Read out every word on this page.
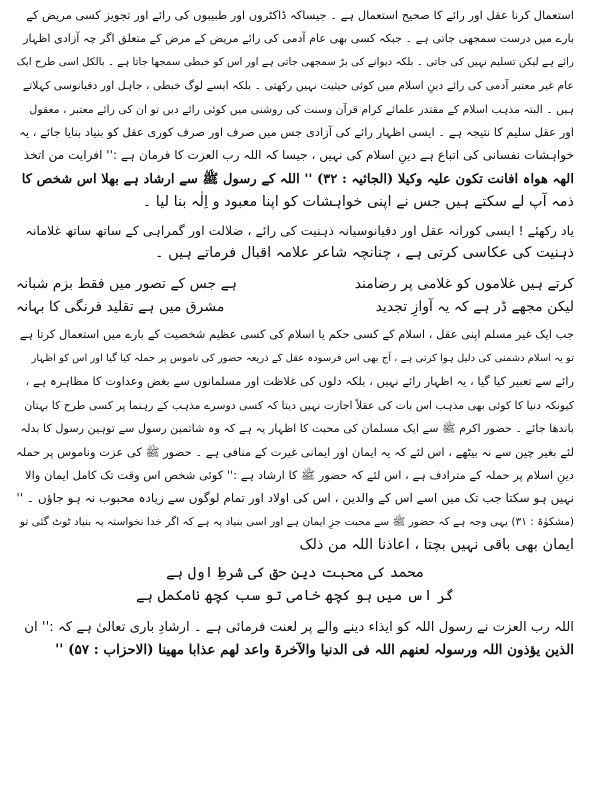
استعمال کرنا عقل اور رائے کا صحیح استعمال ہے ۔ جیساکہ ڈاکٹروں اور طبیبوں کی رائے اور تجویز کسی مریض کے
بارے میں درست سمجھی جاتی ہے ۔ جبکہ کسی بھی عام آدمی کی رائے مریض کے مرض کے متعلق اگر چہ آزادی اظہار
رائے ہے لیکن تسلیم نہیں کی جاتی ۔ بلکہ دیوانے کی بڑ سمجھی جاتی ہے اور اس کو خبطی سمجھا جاتا ہے ۔ بالکل اسی طرح ایک
عام غیر معتبر آدمی کی رائے دینِ اسلام میں کوئی حیثیت نہیں رکھتی ۔ بلکہ ایسے لوگ خبطی ، جاہل اور دقیانوسی کہلاتے
ہیں ۔ البتہ مذہب اسلام کے مقتدر علمائے کرام قرآن وسنت کی روشنی میں کوئی رائے دیں تو ان کی رائے معتبر ، معقول
اور عقل سلیم کا نتیجہ ہے ۔ ایسی اظہار رائے کی آزادی جس میں صرف اور صرف کوری عقل کو بنیاد بنایا جائے ، یہ
خواہشات نفسانی کی اتباع ہے دینِ اسلام کی نہیں ، جیسا کہ اللہ رب العزت کا فرمان ہے :'' افرایت من اتخذ
الھہ ھواہ افانت تکون علیہ وکیلا (الجاثیہ : ٣٢) '' اللہ کے رسول ﷺ سے ارشاد ہے بھلا اس شخص کا
ذمہ آپ لے سکتے ہیں جس نے اپنی خواہشات کو اپنا معبود و اِلٰہ بنا لیا ۔
یاد رکھئے ! ایسی کورانہ عقل اور دقیانوسیانہ ذہنیت کی رائے ، ضلالت اور گمراہی کے ساتھ ساتھ غلامانہ
ذہنیت کی عکاسی کرتی ہے ، چنانچہ شاعر علامہ اقبال فرماتے ہیں ۔
کرتے ہیں غلاموں کو غلامی پر رضامند
ہے جس کے تصور میں فقط بزم شبانہ
لیکن مجھے ڈر ہے کہ یہ آوازِ تجدید
مشرق میں ہے تقلید فرنگی کا بہانہ
جب ایک غیر مسلم اپنی عقل ، اسلام کے کسی حکم یا اسلام کی کسی عظیم شخصیت کے بارے میں استعمال کرتا ہے
تو یہ اسلام دشمنی کی دلیل ہوا کرتی ہے ، آج بھی اس فرسودہ عقل کے ذریعہ حضور کی ناموس پر حملہ کیا گیا اور اس کو اظہار
رائے سے تعبیر کیا گیا ، یہ اظہار رائے نہیں ، بلکہ دلوں کی غلاظت اور مسلمانوں سے بغض وعداوت کا مظاہرہ ہے ،
کیونکہ دنیا کا کوئی بھی مذہب اس بات کی عقلاً اجازت نہیں دیتا کہ کسی دوسرے مذہب کے رہنما پر کسی طرح کا بہتان
باندھا جائے ۔ حضور اکرم ﷺ سے ایک مسلمان کی محبت کا اظہار یہ ہے کہ وہ شاتمین رسول سے توہین رسول کا بدلہ
لئے بغیر چین سے نہ بیٹھے ، اس لئے کہ یہ ایمان اور ایمانی غیرت کے منافی ہے ۔ حضور ﷺ کی عزت وناموس پر حملہ
دینِ اسلام پر حملہ کے مترادف ہے ، اس لئے کہ حضور ﷺ کا ارشاد ہے :'' کوئی شخص اس وقت تک کامل ایمان والا
نہیں ہو سکتا جب تک میں اسے اس کے والدین ، اس کی اولاد اور تمام لوگوں سے زیادہ محبوب نہ ہو جاؤں ۔ ''
(مشکوٰۃ : ٣١) یہی وجہ ہے کہ حضور ﷺ سے محبت جزِ ایمان ہے اور اسی بنیاد پہ ہے کہ اگر خدا نخواستہ یہ بنیاد ٹوٹ گئی تو
ایمان بھی باقی نہیں بچتا ، اعاذنا اللہ من ذلک
محمد کی محبت دینِ حق کی شرطِ اول ہے
گر اس میں ہو کچھ خامی تو سب کچھ نامکمل ہے
اللہ رب العزت نے رسول اللہ کو ایذاء دینے والے پر لعنت فرمائی ہے ۔ ارشادِ باری تعالیٰ ہے کہ :'' ان
الذین یؤذون اللہ ورسولہ لعنھم اللہ فی الدنیا والآخرۃ واعد لھم عذابا مھینا (الاحزاب : ۵٧) ''
